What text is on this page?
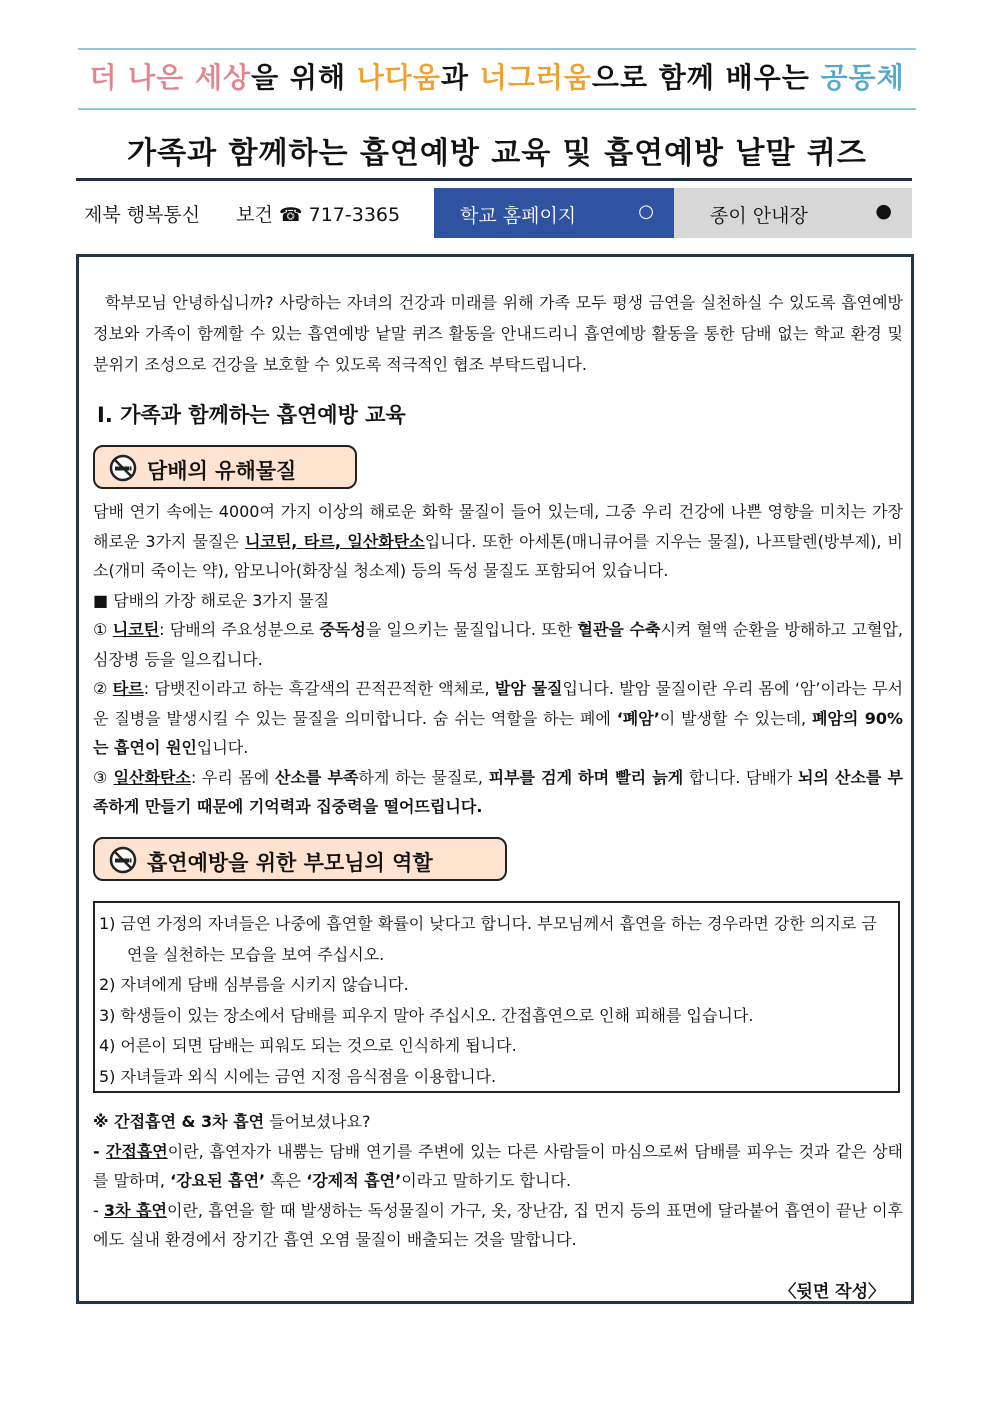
더 나은 세상을 위해 나다움과 너그러움으로 함께 배우는 공동체
가족과 함께하는 흡연예방 교육 및 흡연예방 낱말 퀴즈
제북 행복통신 보건 ☎ 717-3365	학교 홈페이지	○	종이 안내장	●

학부모님 안녕하십니까? 사랑하는 자녀의 건강과 미래를 위해 가족 모두 평생 금연을 실천하실 수 있도록 흡연예방 정보와 가족이 함께할 수 있는 흡연예방 낱말 퀴즈 활동을 안내드리니 흡연예방 활동을 통한 담배 없는 학교 환경 및 분위기 조성으로 건강을 보호할 수 있도록 적극적인 협조 부탁드립니다.

Ⅰ. 가족과 함께하는 흡연예방 교육
담배의 유해물질

담배 연기 속에는 4000여 가지 이상의 해로운 화학 물질이 들어 있는데, 그중 우리 건강에 나쁜 영향을 미치는 가장 해로운 3가지 물질은 니코틴, 타르, 일산화탄소입니다. 또한 아세톤(매니큐어를 지우는 물질), 나프탈렌(방부제), 비소(개미 죽이는 약), 암모니아(화장실 청소제) 등의 독성 물질도 포함되어 있습니다.

■ 담배의 가장 해로운 3가지 물질

① 니코틴: 담배의 주요성분으로 중독성을 일으키는 물질입니다. 또한 혈관을 수축시켜 혈액 순환을 방해하고 고혈압, 심장병 등을 일으킵니다.

② 타르: 담뱃진이라고 하는 흑갈색의 끈적끈적한 액체로, 발암 물질입니다. 발암 물질이란 우리 몸에 ‘암’이라는 무서운 질병을 발생시킬 수 있는 물질을 의미합니다. 숨 쉬는 역할을 하는 폐에 ‘폐암’이 발생할 수 있는데, 폐암의 90%는 흡연이 원인입니다.

③ 일산화탄소: 우리 몸에 산소를 부족하게 하는 물질로, 피부를 검게 하며 빨리 늙게 합니다. 담배가 뇌의 산소를 부족하게 만들기 때문에 기억력과 집중력을 떨어뜨립니다.

흡연예방을 위한 부모님의 역할
1) 금연 가정의 자녀들은 나중에 흡연할 확률이 낮다고 합니다. 부모님께서 흡연을 하는 경우라면 강한 의지로 금연을 실천하는 모습을 보여 주십시오.
2) 자녀에게 담배 심부름을 시키지 않습니다.
3) 학생들이 있는 장소에서 담배를 피우지 말아 주십시오. 간접흡연으로 인해 피해를 입습니다.
4) 어른이 되면 담배는 피워도 되는 것으로 인식하게 됩니다.
5) 자녀들과 외식 시에는 금연 지정 음식점을 이용합니다.

※ 간접흡연 & 3차 흡연 들어보셨나요?

- 간접흡연이란, 흡연자가 내뿜는 담배 연기를 주변에 있는 다른 사람들이 마심으로써 담배를 피우는 것과 같은 상태를 말하며, ‘강요된 흡연’ 혹은 ‘강제적 흡연’이라고 말하기도 합니다.

- 3차 흡연이란, 흡연을 할 때 발생하는 독성물질이 가구, 옷, 장난감, 집 먼지 등의 표면에 달라붙어 흡연이 끝난 이후에도 실내 환경에서 장기간 흡연 오염 물질이 배출되는 것을 말합니다.

〈뒷면 작성〉
